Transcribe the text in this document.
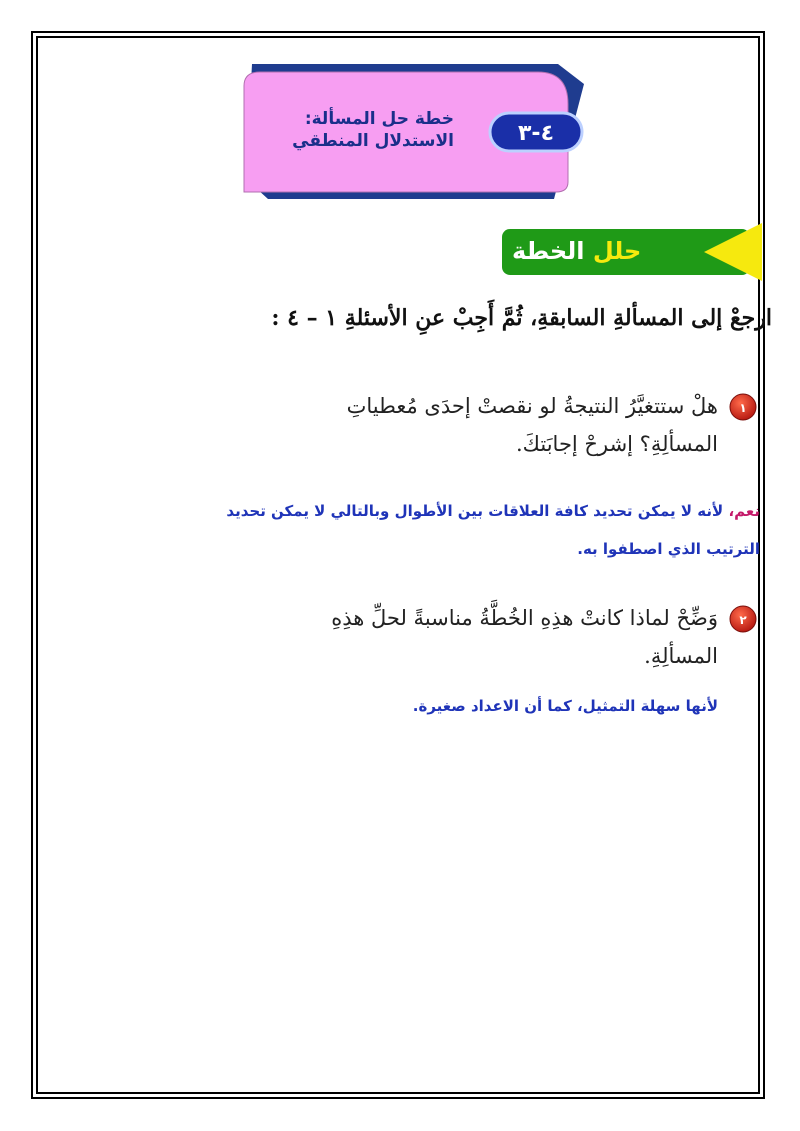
خطة حل المسألة:
الاستدلال المنطقي	٤-٣
حلل

الخطة
ارجعْ إلى المسألةِ السابقةِ، ثُمَّ أَجِبْ عنِ الأسئلةِ ١ – ٤ :
١
هلْ ستتغيَّرُ النتيجةُ لو نقصتْ إحدَى مُعطياتِ
المسألِةِ؟ إشرحْ إجابَتكَ.
نعم، لأنه لا يمكن تحديد كافة العلاقات بين الأطوال وبالتالي لا يمكن تحديد
الترتيب الذي اصطفوا به.
٢
وَضِّحْ لماذا كانتْ هذِهِ الخُطَّةُ مناسبةً لحلِّ هذِهِ
المسألِةِ.
لأنها سهلة التمثيل، كما أن الاعداد صغيرة.
